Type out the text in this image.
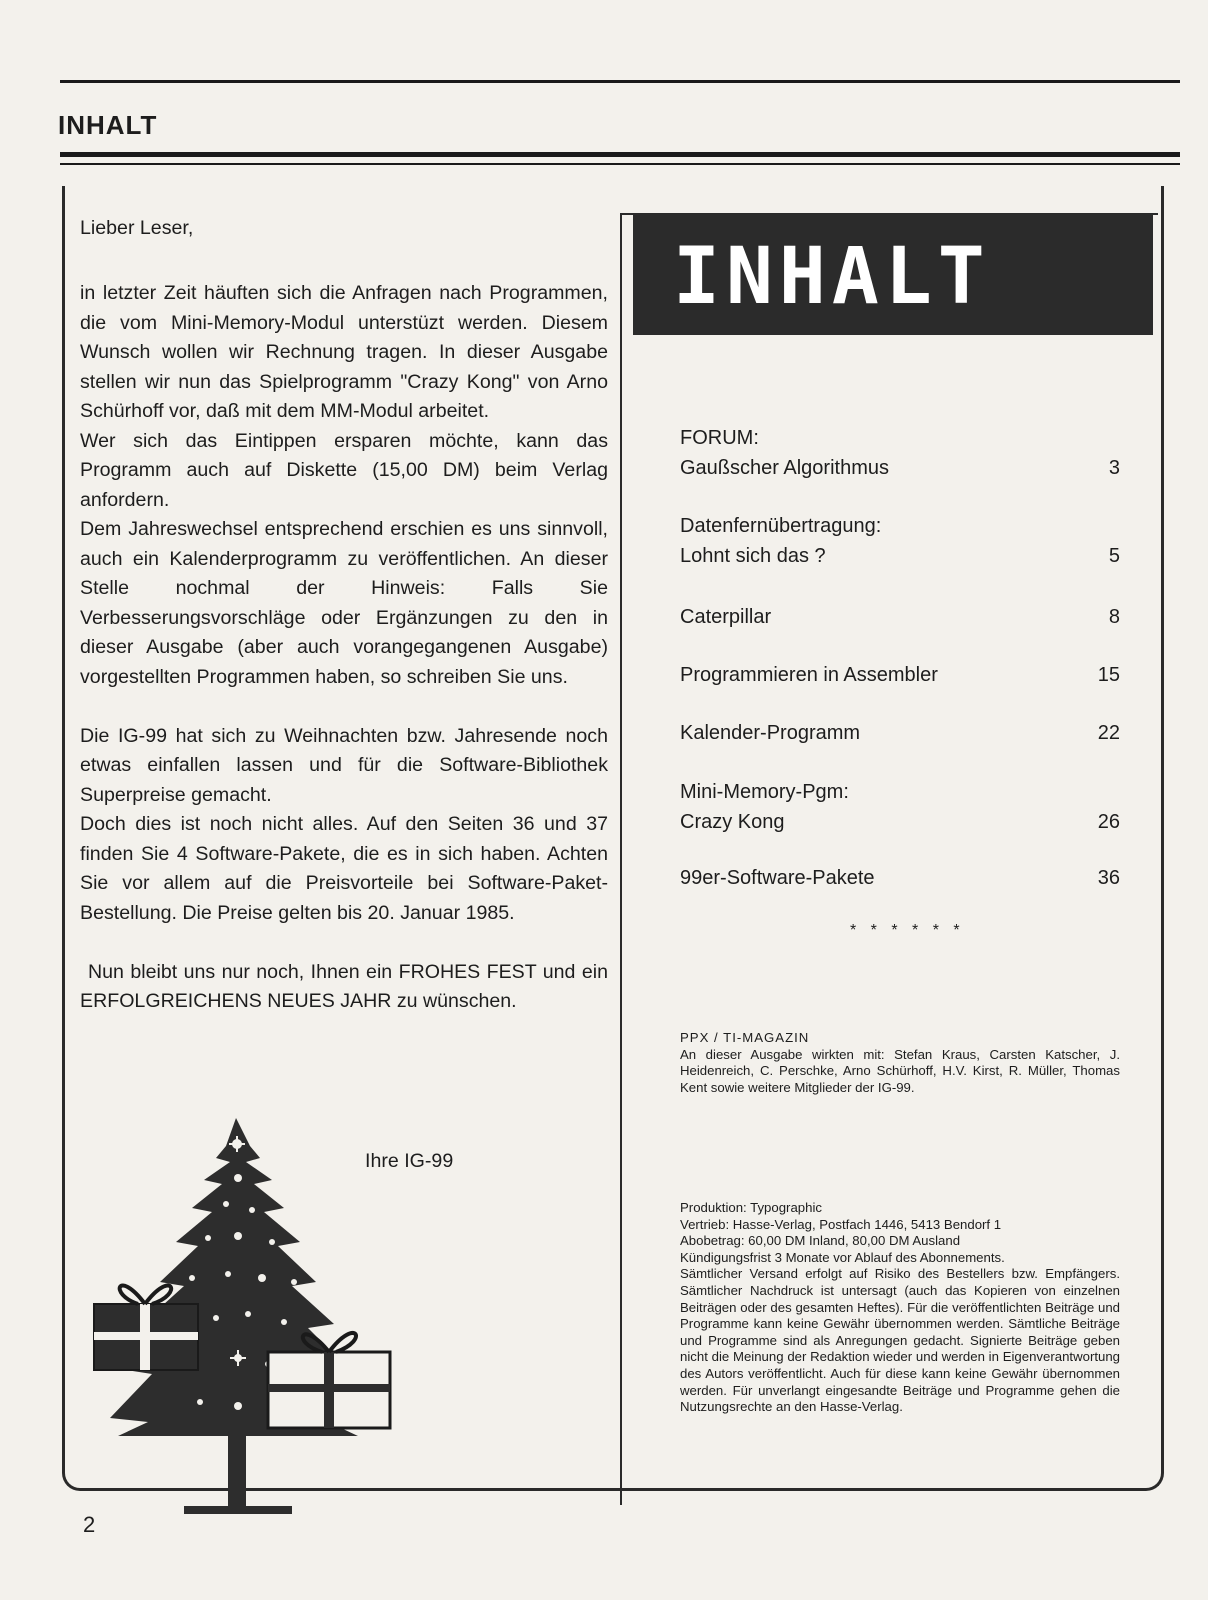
INHALT

Lieber Leser,

in letzter Zeit häuften sich die Anfragen nach Programmen, die vom Mini-Memory-Modul unterstüzt werden. Diesem Wunsch wollen wir Rechnung tragen. In dieser Ausgabe stellen wir nun das Spielprogramm "Crazy Kong" von Arno Schürhoff vor, daß mit dem MM-Modul arbeitet.

Wer sich das Eintippen ersparen möchte, kann das Programm auch auf Diskette (15,00 DM) beim Verlag anfordern.

Dem Jahreswechsel entsprechend erschien es uns sinnvoll, auch ein Kalenderprogramm zu veröffentlichen. An dieser Stelle nochmal der Hinweis: Falls Sie Verbesserungsvorschläge oder Ergänzungen zu den in dieser Ausgabe (aber auch vorangegangenen Ausgabe) vorgestellten Programmen haben, so schreiben Sie uns.

Die IG-99 hat sich zu Weihnachten bzw. Jahresende noch etwas einfallen lassen und für die Software-Bibliothek Superpreise gemacht.

Doch dies ist noch nicht alles. Auf den Seiten 36 und 37 finden Sie 4 Software-Pakete, die es in sich haben. Achten Sie vor allem auf die Preisvorteile bei Software-Paket-Bestellung. Die Preise gelten bis 20. Januar 1985.

Nun bleibt uns nur noch, Ihnen ein FROHES FEST und ein ERFOLGREICHENS NEUES JAHR zu wünschen.

Ihre IG-99
INHALT
FORUM:
Gaußscher Algorithmus	3
Datenfernübertragung:
Lohnt sich das ?	5
Caterpillar	8
Programmieren in Assembler	15
Kalender-Programm	22
Mini-Memory-Pgm:
Crazy Kong	26
99er-Software-Pakete	36
* * * * * *
PPX / TI-MAGAZIN
An dieser Ausgabe wirkten mit: Stefan Kraus, Carsten Katscher, J. Heidenreich, C. Perschke, Arno Schürhoff, H.V. Kirst, R. Müller, Thomas Kent sowie weitere Mitglieder der IG-99.
Produktion: Typographic
Vertrieb: Hasse-Verlag, Postfach 1446, 5413 Bendorf 1
Abobetrag: 60,00 DM Inland, 80,00 DM Ausland
Kündigungsfrist 3 Monate vor Ablauf des Abonnements.
Sämtlicher Versand erfolgt auf Risiko des Bestellers bzw. Empfängers. Sämtlicher Nachdruck ist untersagt (auch das Kopieren von einzelnen Beiträgen oder des gesamten Heftes). Für die veröffentlichten Beiträge und Programme kann keine Gewähr übernommen werden. Sämtliche Beiträge und Programme sind als Anregungen gedacht. Signierte Beiträge geben nicht die Meinung der Redaktion wieder und werden in Eigenverantwortung des Autors veröffentlicht. Auch für diese kann keine Gewähr übernommen werden. Für unverlangt eingesandte Beiträge und Programme gehen die Nutzungsrechte an den Hasse-Verlag.
2
